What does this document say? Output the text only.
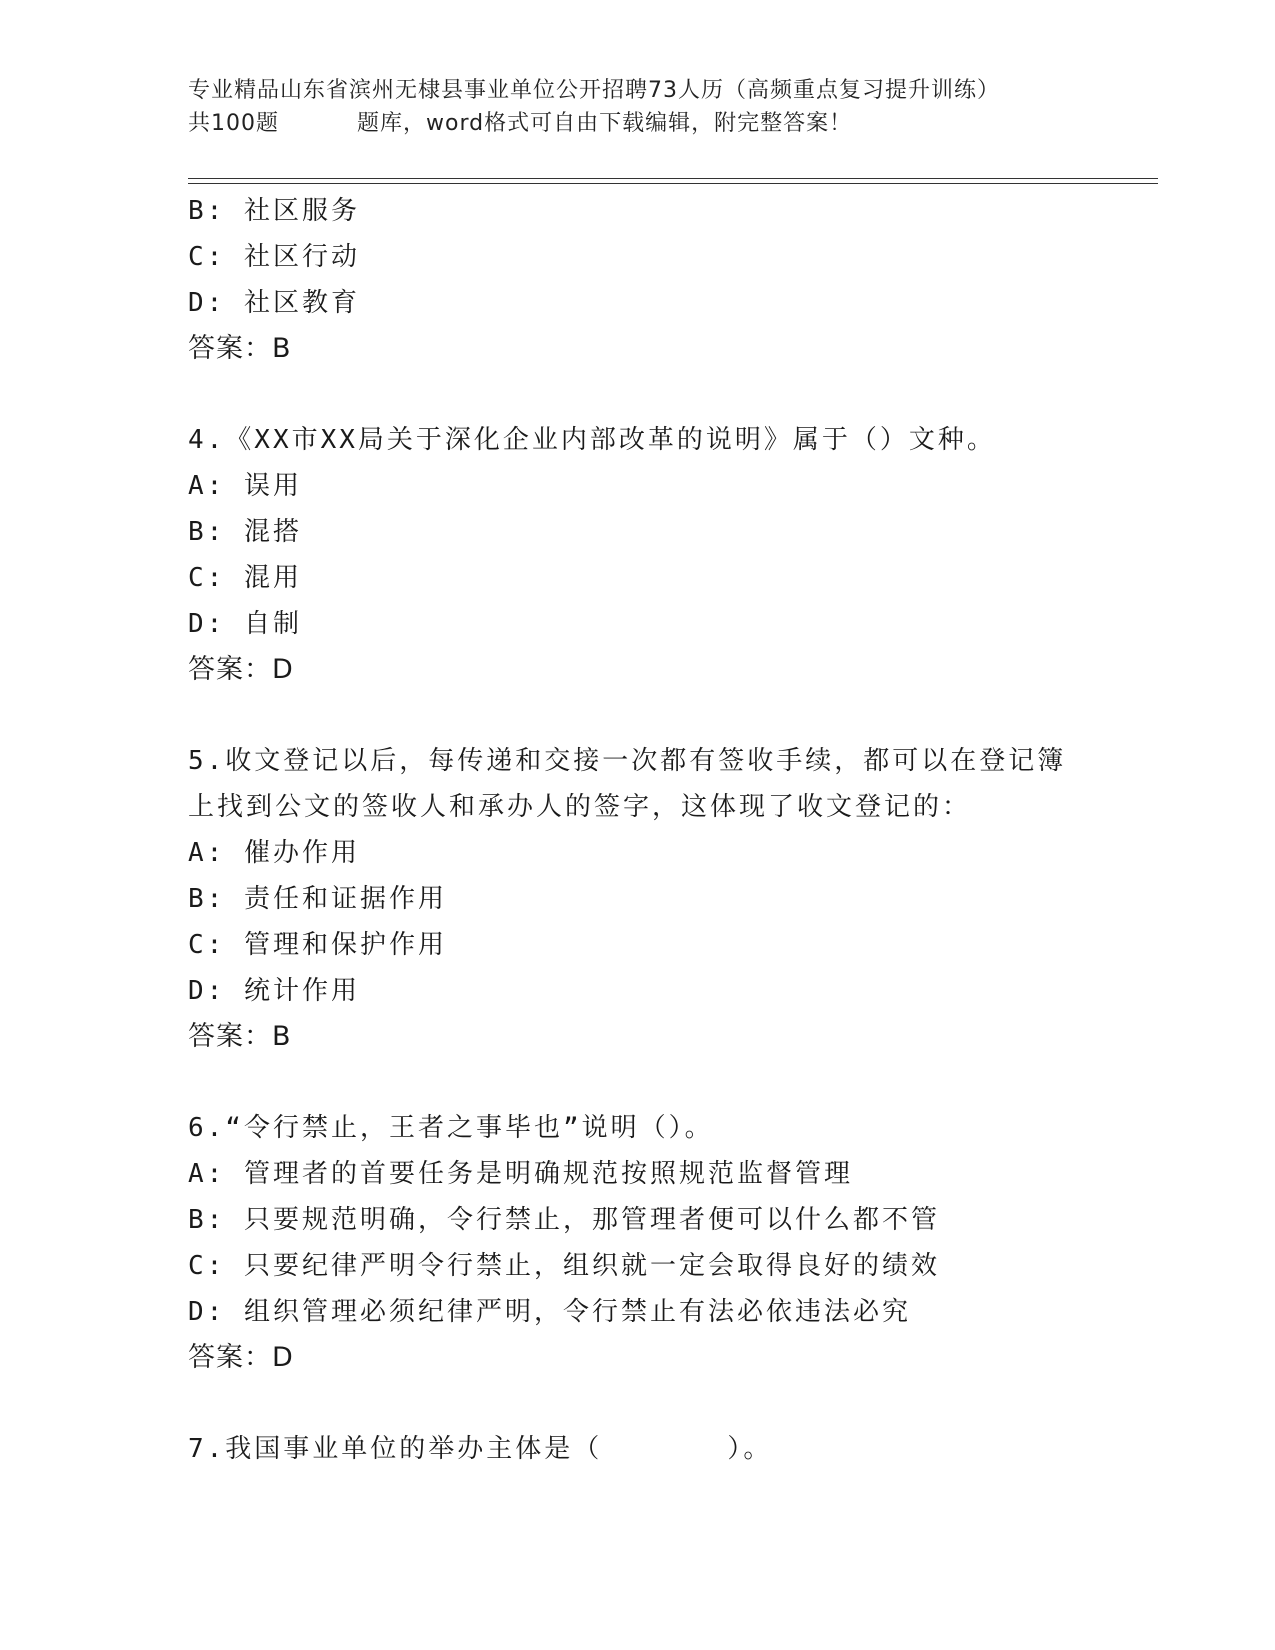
专业精品山东省滨州无棣县事业单位公开招聘73人历（高频重点复习提升训练）
共100题	题库，word格式可自由下载编辑，附完整答案！
B: 社区服务
C: 社区行动
D: 社区教育
答案：B
4.《XX市XX局关于深化企业内部改革的说明》属于（）文种。
A: 误用
B: 混搭
C: 混用
D: 自制
答案：D
5.收文登记以后，每传递和交接一次都有签收手续，都可以在登记簿
上找到公文的签收人和承办人的签字，这体现了收文登记的：
A: 催办作用
B: 责任和证据作用
C: 管理和保护作用
D: 统计作用
答案：B
6.“令行禁止，王者之事毕也”说明（）。
A: 管理者的首要任务是明确规范按照规范监督管理
B: 只要规范明确，令行禁止，那管理者便可以什么都不管
C: 只要纪律严明令行禁止，组织就一定会取得良好的绩效
D: 组织管理必须纪律严明，令行禁止有法必依违法必究
答案：D
7.我国事业单位的举办主体是（	）。
